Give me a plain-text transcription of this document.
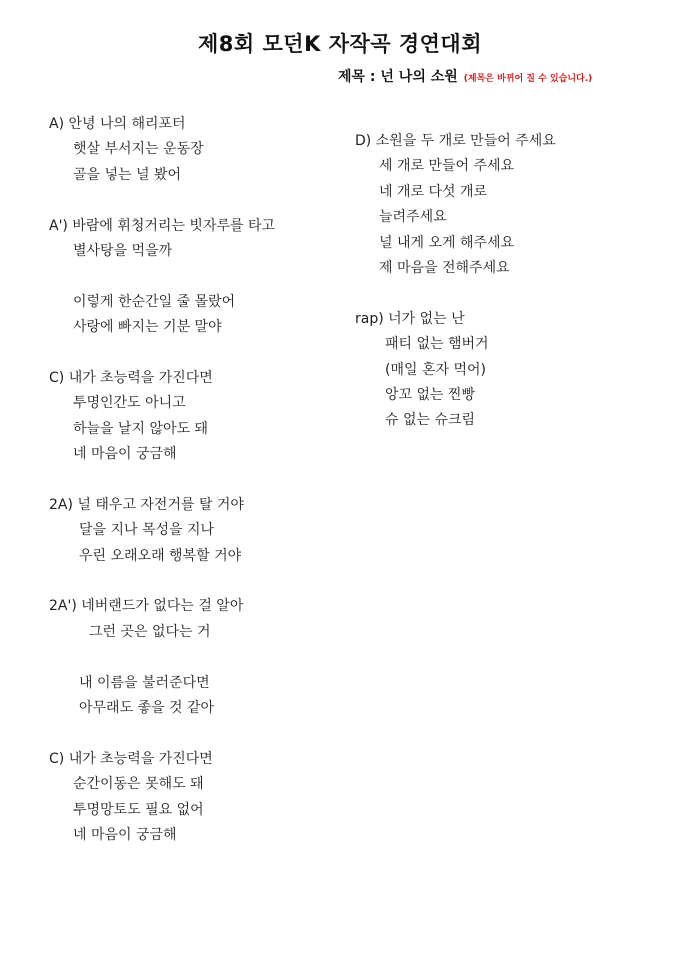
제8회 모던K 자작곡 경연대회
제목 : 넌 나의 소원 (제목은 바뀌어 질 수 있습니다.)
A) 안녕 나의 해리포터
햇살 부서지는 운동장
골을 넣는 널 봤어
A') 바람에 휘청거리는 빗자루를 타고
별사탕을 먹을까
이렇게 한순간일 줄 몰랐어
사랑에 빠지는 기분 말야
C) 내가 초능력을 가진다면
투명인간도 아니고
하늘을 날지 않아도 돼
네 마음이 궁금해
2A) 널 태우고 자전거를 탈 거야
달을 지나 목성을 지나
우린 오래오래 행복할 거야
2A') 네버랜드가 없다는 걸 알아
그런 곳은 없다는 거
내 이름을 불러준다면
아무래도 좋을 것 같아
C) 내가 초능력을 가진다면
순간이동은 못해도 돼
투명망토도 필요 없어
네 마음이 궁금해
D) 소원을 두 개로 만들어 주세요
세 개로 만들어 주세요
네 개로 다섯 개로
늘려주세요
널 내게 오게 해주세요
제 마음을 전해주세요
rap) 너가 없는 난
패티 없는 햄버거
(매일 혼자 먹어)
앙꼬 없는 찐빵
슈 없는 슈크림
